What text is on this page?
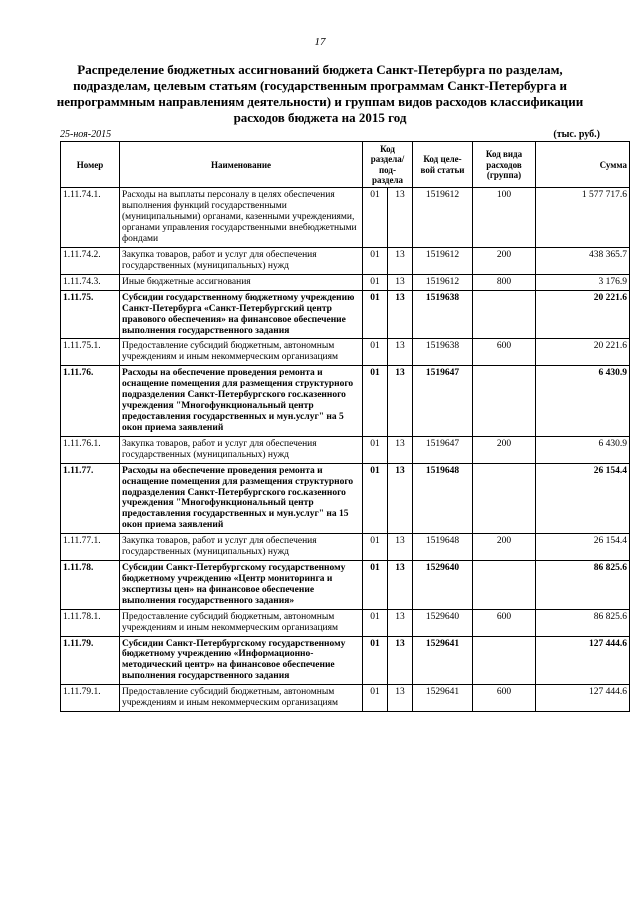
17
Распределение бюджетных ассигнований бюджета Санкт-Петербурга по разделам, подразделам, целевым статьям (государственным программам Санкт-Петербурга и непрограммным направлениям деятельности) и группам видов расходов классификации расходов бюджета на 2015 год
25-ноя-2015	(тыс. руб.)
Номер	Наименование	Код раздела/ под- раздела		Код целе- вой статьи	Код вида расходов (группа)	Сумма
1.11.74.1.	Расходы на выплаты персоналу в целях обеспечения выполнения функций государственными (муниципальными) органами, казенными учреждениями, органами управления государственными внебюджетными фондами	01	13	1519612	100	1 577 717.6
1.11.74.2.	Закупка товаров, работ и услуг для обеспечения государственных (муниципальных) нужд	01	13	1519612	200	438 365.7
1.11.74.3.	Иные бюджетные ассигнования	01	13	1519612	800	3 176.9
1.11.75.	Субсидии государственному бюджетному учреждению Санкт-Петербурга «Санкт-Петербургский центр правового обеспечения» на финансовое обеспечение выполнения государственного задания	01	13	1519638		20 221.6
1.11.75.1.	Предоставление субсидий бюджетным, автономным учреждениям и иным некоммерческим организациям	01	13	1519638	600	20 221.6
1.11.76.	Расходы на обеспечение проведения ремонта и оснащение помещения для размещения структурного подразделения Санкт-Петербургского гос.казенного учреждения "Многофункциональный центр предоставления государственных и мун.услуг" на 5 окон приема заявлений	01	13	1519647		6 430.9
1.11.76.1.	Закупка товаров, работ и услуг для обеспечения государственных (муниципальных) нужд	01	13	1519647	200	6 430.9
1.11.77.	Расходы на обеспечение проведения ремонта и оснащение помещения для размещения структурного подразделения Санкт-Петербургского гос.казенного учреждения "Многофункциональный центр предоставления государственных и мун.услуг" на 15 окон приема заявлений	01	13	1519648		26 154.4
1.11.77.1.	Закупка товаров, работ и услуг для обеспечения государственных (муниципальных) нужд	01	13	1519648	200	26 154.4
1.11.78.	Субсидии Санкт-Петербургскому государственному бюджетному учреждению «Центр мониторинга и экспертизы цен» на финансовое обеспечение выполнения государственного задания»	01	13	1529640		86 825.6
1.11.78.1.	Предоставление субсидий бюджетным, автономным учреждениям и иным некоммерческим организациям	01	13	1529640	600	86 825.6
1.11.79.	Субсидии Санкт-Петербургскому государственному бюджетному учреждению «Информационно-методический центр» на финансовое обеспечение выполнения государственного задания	01	13	1529641		127 444.6
1.11.79.1.	Предоставление субсидий бюджетным, автономным учреждениям и иным некоммерческим организациям	01	13	1529641	600	127 444.6
